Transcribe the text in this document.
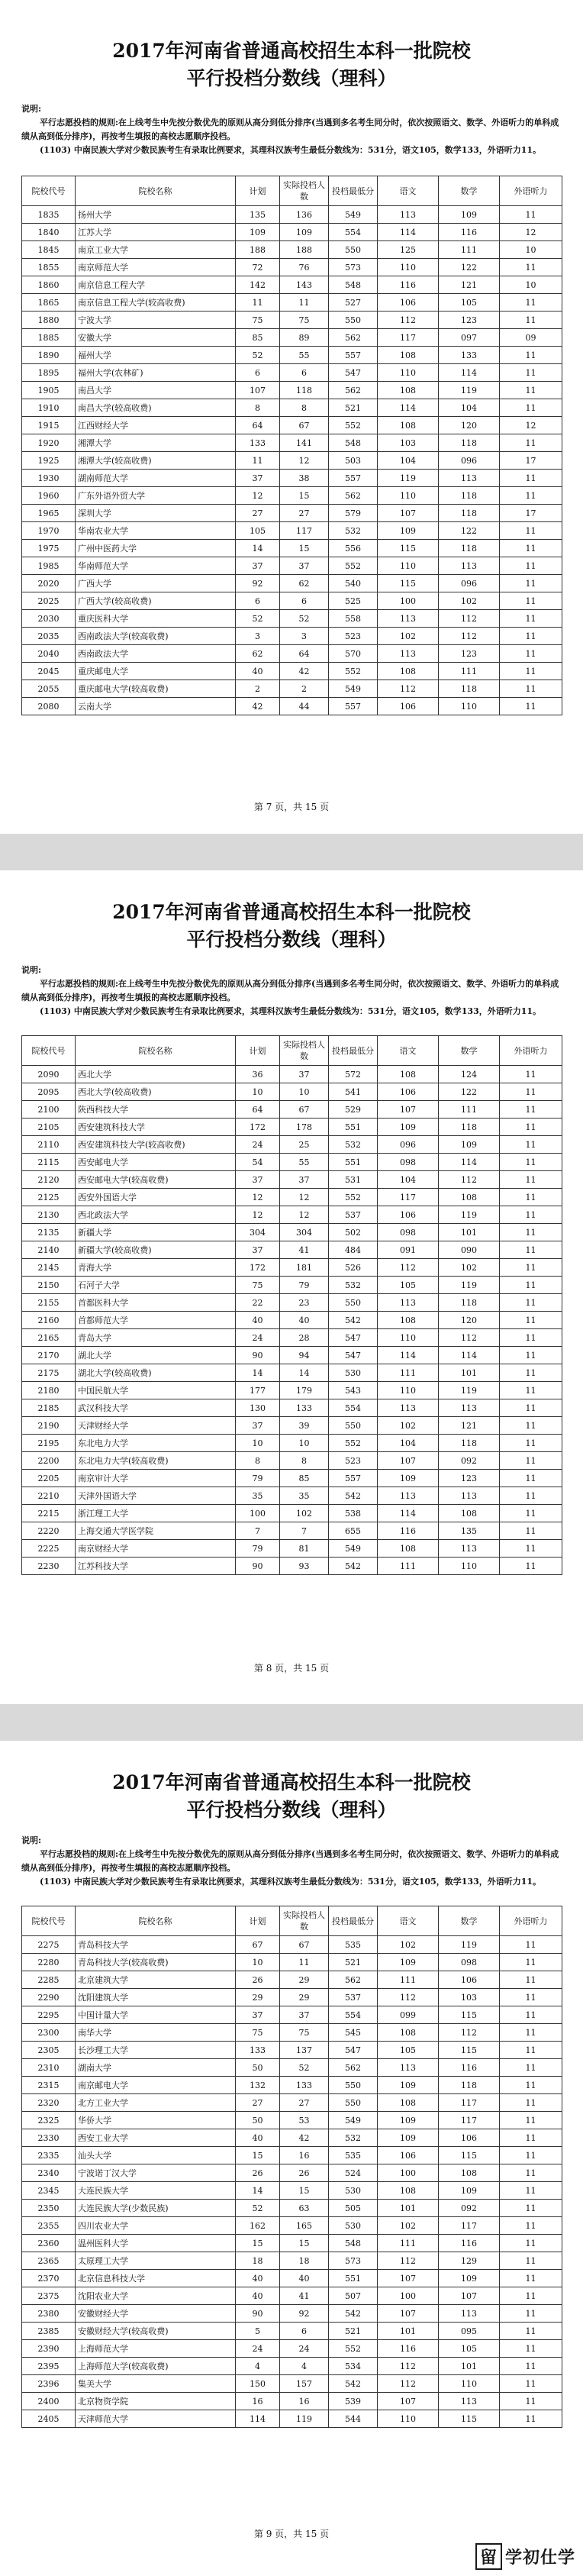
2017年河南省普通高校招生本科一批院校
平行投档分数线（理科）

说明:

平行志愿投档的规则:在上线考生中先按分数优先的原则从高分到低分排序(当遇到多名考生同分时，依次按照语文、数学、外语听力的单科成绩从高到低分排序)，再按考生填报的高校志愿顺序投档。

(1103) 中南民族大学对少数民族考生有录取比例要求，其理科汉族考生最低分数线为：531分，语文105，数学133，外语听力11。

院校代号	院校名称	计划	实际投档人数	投档最低分	语文	数学	外语听力
1835	扬州大学	135	136	549	113	109	11
1840	江苏大学	109	109	554	114	116	12
1845	南京工业大学	188	188	550	125	111	10
1855	南京师范大学	72	76	573	110	122	11
1860	南京信息工程大学	142	143	548	116	121	10
1865	南京信息工程大学(较高收费)	11	11	527	106	105	11
1880	宁波大学	75	75	550	112	123	11
1885	安徽大学	85	89	562	117	097	09
1890	福州大学	52	55	557	108	133	11
1895	福州大学(农林矿)	6	6	547	110	114	11
1905	南昌大学	107	118	562	108	119	11
1910	南昌大学(较高收费)	8	8	521	114	104	11
1915	江西财经大学	64	67	552	108	120	12
1920	湘潭大学	133	141	548	103	118	11
1925	湘潭大学(较高收费)	11	12	503	104	096	17
1930	湖南师范大学	37	38	557	119	113	11
1960	广东外语外贸大学	12	15	562	110	118	11
1965	深圳大学	27	27	579	107	118	17
1970	华南农业大学	105	117	532	109	122	11
1975	广州中医药大学	14	15	556	115	118	11
1985	华南师范大学	37	37	552	110	113	11
2020	广西大学	92	62	540	115	096	11
2025	广西大学(较高收费)	6	6	525	100	102	11
2030	重庆医科大学	52	52	558	113	112	11
2035	西南政法大学(较高收费)	3	3	523	102	112	11
2040	西南政法大学	62	64	570	113	123	11
2045	重庆邮电大学	40	42	552	108	111	11
2055	重庆邮电大学(较高收费)	2	2	549	112	118	11
2080	云南大学	42	44	557	106	110	11
第 7 页，共 15 页
2017年河南省普通高校招生本科一批院校
平行投档分数线（理科）

说明:

平行志愿投档的规则:在上线考生中先按分数优先的原则从高分到低分排序(当遇到多名考生同分时，依次按照语文、数学、外语听力的单科成绩从高到低分排序)，再按考生填报的高校志愿顺序投档。

(1103) 中南民族大学对少数民族考生有录取比例要求，其理科汉族考生最低分数线为：531分，语文105，数学133，外语听力11。

院校代号	院校名称	计划	实际投档人数	投档最低分	语文	数学	外语听力
2090	西北大学	36	37	572	108	124	11
2095	西北大学(较高收费)	10	10	541	106	122	11
2100	陕西科技大学	64	67	529	107	111	11
2105	西安建筑科技大学	172	178	551	109	118	11
2110	西安建筑科技大学(较高收费)	24	25	532	096	109	11
2115	西安邮电大学	54	55	551	098	114	11
2120	西安邮电大学(较高收费)	37	37	531	104	112	11
2125	西安外国语大学	12	12	552	117	108	11
2130	西北政法大学	12	12	537	106	119	11
2135	新疆大学	304	304	502	098	101	11
2140	新疆大学(较高收费)	37	41	484	091	090	11
2145	青海大学	172	181	526	112	102	11
2150	石河子大学	75	79	532	105	119	11
2155	首都医科大学	22	23	550	113	118	11
2160	首都师范大学	40	40	542	108	120	11
2165	青岛大学	24	28	547	110	112	11
2170	湖北大学	90	94	547	114	114	11
2175	湖北大学(较高收费)	14	14	530	111	101	11
2180	中国民航大学	177	179	543	110	119	11
2185	武汉科技大学	130	133	554	113	113	11
2190	天津财经大学	37	39	550	102	121	11
2195	东北电力大学	10	10	552	104	118	11
2200	东北电力大学(较高收费)	8	8	523	107	092	11
2205	南京审计大学	79	85	557	109	123	11
2210	天津外国语大学	35	35	542	113	113	11
2215	浙江理工大学	100	102	538	114	108	11
2220	上海交通大学医学院	7	7	655	116	135	11
2225	南京财经大学	79	81	549	108	113	11
2230	江苏科技大学	90	93	542	111	110	11
第 8 页，共 15 页
2017年河南省普通高校招生本科一批院校
平行投档分数线（理科）

说明:

平行志愿投档的规则:在上线考生中先按分数优先的原则从高分到低分排序(当遇到多名考生同分时，依次按照语文、数学、外语听力的单科成绩从高到低分排序)，再按考生填报的高校志愿顺序投档。

(1103) 中南民族大学对少数民族考生有录取比例要求，其理科汉族考生最低分数线为：531分，语文105，数学133，外语听力11。

院校代号	院校名称	计划	实际投档人数	投档最低分	语文	数学	外语听力
2275	青岛科技大学	67	67	535	102	119	11
2280	青岛科技大学(较高收费)	10	11	521	109	098	11
2285	北京建筑大学	26	29	562	111	106	11
2290	沈阳建筑大学	29	29	537	112	103	11
2295	中国计量大学	37	37	554	099	115	11
2300	南华大学	75	75	545	108	112	11
2305	长沙理工大学	133	137	547	105	115	11
2310	湖南大学	50	52	562	113	116	11
2315	南京邮电大学	132	133	550	109	118	11
2320	北方工业大学	27	27	550	108	117	11
2325	华侨大学	50	53	549	109	117	11
2330	西安工业大学	40	42	532	109	106	11
2335	汕头大学	15	16	535	106	115	11
2340	宁波诺丁汉大学	26	26	524	100	108	11
2345	大连民族大学	14	15	530	108	109	11
2350	大连民族大学(少数民族)	52	63	505	101	092	11
2355	四川农业大学	162	165	530	102	117	11
2360	温州医科大学	15	15	548	111	116	11
2365	太原理工大学	18	18	573	112	129	11
2370	北京信息科技大学	40	40	551	107	109	11
2375	沈阳农业大学	40	41	507	100	107	11
2380	安徽财经大学	90	92	542	107	113	11
2385	安徽财经大学(较高收费)	5	6	521	101	095	11
2390	上海师范大学	24	24	552	116	105	11
2395	上海师范大学(较高收费)	4	4	534	112	101	11
2396	集美大学	150	157	542	112	110	11
2400	北京物资学院	16	16	539	107	113	11
2405	天津师范大学	114	119	544	110	115	11
第 9 页，共 15 页
留 学初仕学
